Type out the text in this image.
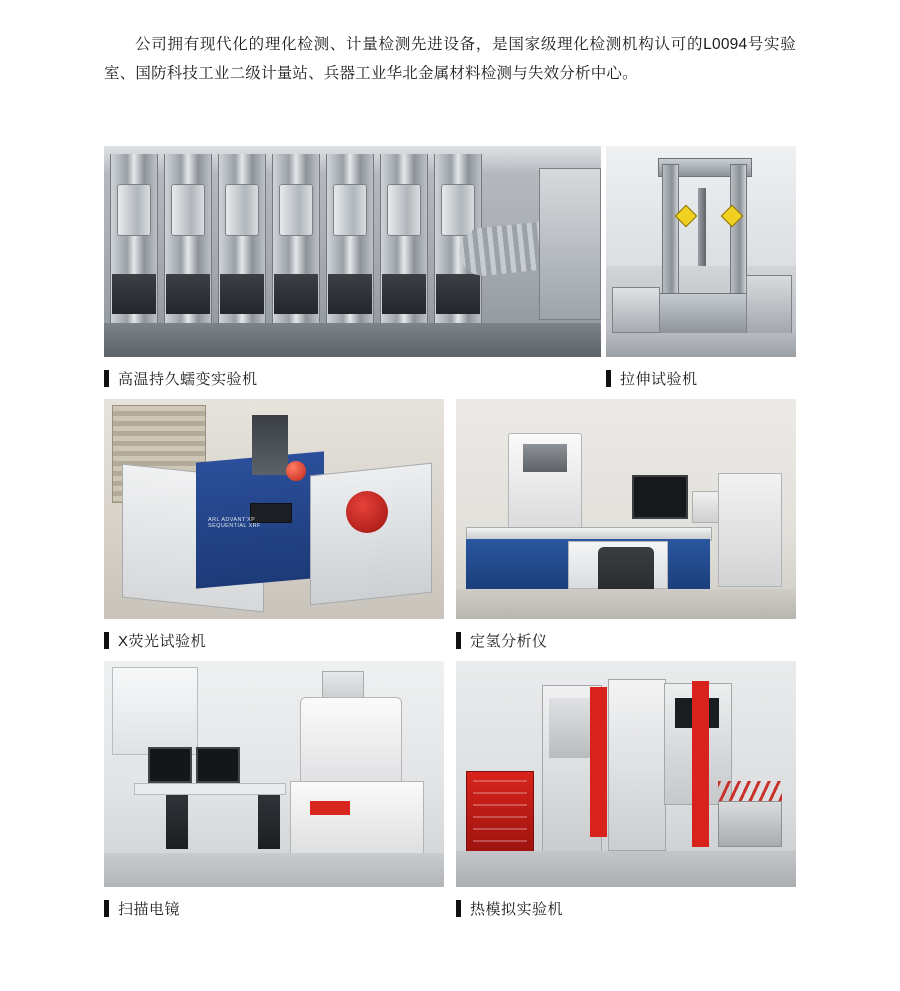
公司拥有现代化的理化检测、计量检测先进设备，是国家级理化检测机构认可的L0094号实验室、国防科技工业二级计量站、兵器工业华北金属材料检测与失效分析中心。

高温持久蠕变实验机	拉伸试验机
ARL ADVANT'XP
SEQUENTIAL XRF
X荧光试验机	定氢分析仪
扫描电镜	热模拟实验机
